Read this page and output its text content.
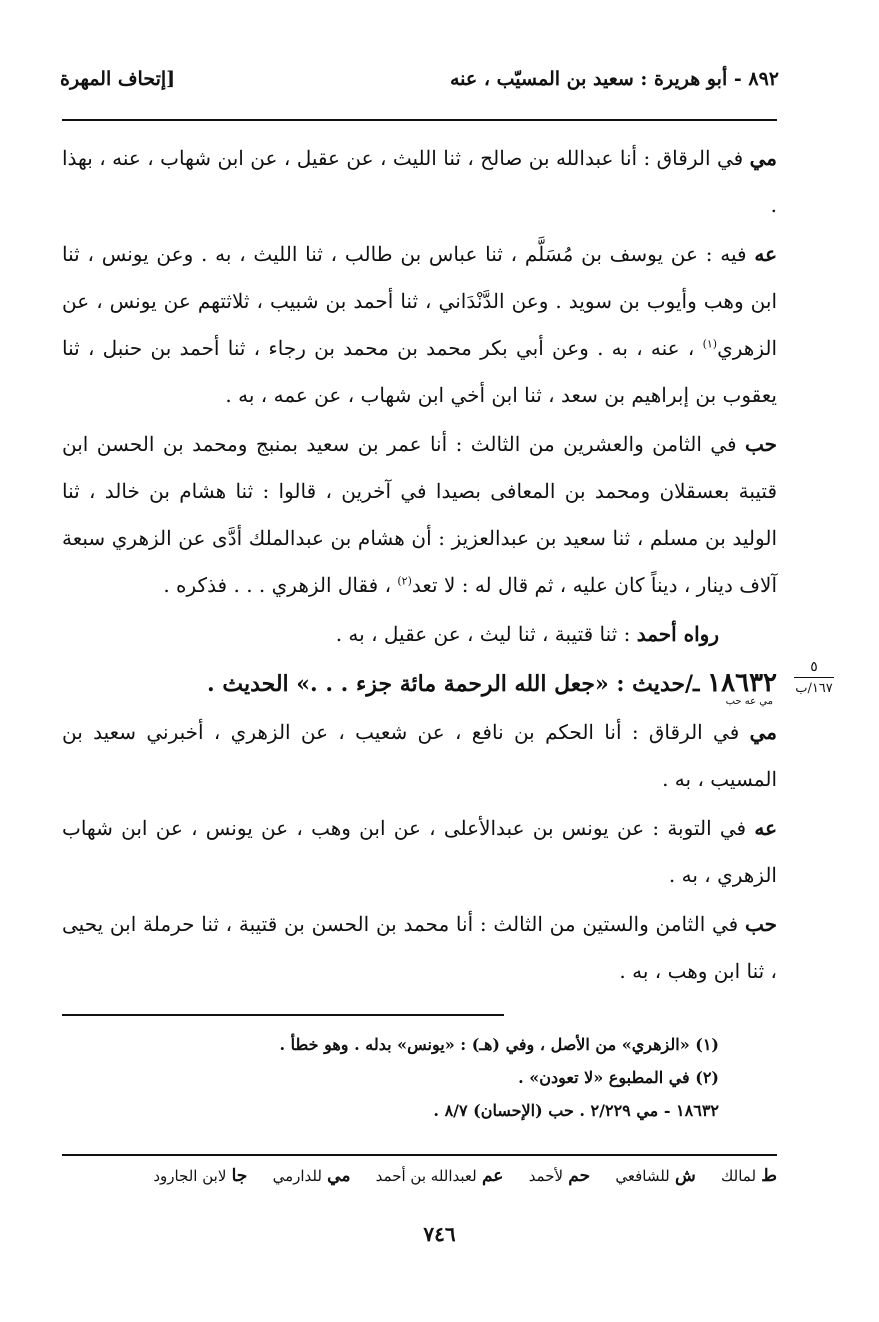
٨٩٢ - أبو هريرة : سعيد بن المسيّب ، عنه
[إتحاف المهرة

مي في الرقاق : أنا عبدالله بن صالح ، ثنا الليث ، عن عقيل ، عن ابن شهاب ، عنه ، بهذا .

عه فيه : عن يوسف بن مُسَلَّم ، ثنا عباس بن طالب ، ثنا الليث ، به . وعن يونس ، ثنا ابن وهب وأيوب بن سويد . وعن الدَّنْدَاني ، ثنا أحمد بن شبيب ، ثلاثتهم عن يونس ، عن الزهري$^{(١)}$ ، عنه ، به . وعن أبي بكر محمد بن محمد بن رجاء ، ثنا أحمد بن حنبل ، ثنا يعقوب بن إبراهيم بن سعد ، ثنا ابن أخي ابن شهاب ، عن عمه ، به .

حب في الثامن والعشرين من الثالث : أنا عمر بن سعيد بمنبج ومحمد بن الحسن ابن قتيبة بعسقلان ومحمد بن المعافى بصيدا في آخرين ، قالوا : ثنا هشام بن خالد ، ثنا الوليد بن مسلم ، ثنا سعيد بن عبدالعزيز : أن هشام بن عبدالملك أدَّى عن الزهري سبعة آلاف دينار ، ديناً كان عليه ، ثم قال له : لا تعد$^{(٢)}$ ، فقال الزهري . . . فذكره .

رواه أحمد : ثنا قتيبة ، ثنا ليث ، عن عقيل ، به .

١٨٦٣٢ ـ/حديث : «جعل الله الرحمة مائة جزء . . .» الحديث .
مي عه حب

مي في الرقاق : أنا الحكم بن نافع ، عن شعيب ، عن الزهري ، أخبرني سعيد بن المسيب ، به .

عه في التوبة : عن يونس بن عبدالأعلى ، عن ابن وهب ، عن يونس ، عن ابن شهاب الزهري ، به .

حب في الثامن والستين من الثالث : أنا محمد بن الحسن بن قتيبة ، ثنا حرملة ابن يحيى ، ثنا ابن وهب ، به .

٥
١٦٧/ب

(١) «الزهري» من الأصل ، وفي (هـ) : «يونس» بدله . وهو خطأ .

(٢) في المطبوع «لا تعودن» .

١٨٦٣٢ - مي ٢/٢٢٩ . حب (الإحسان) ٨/٧ .

ط لمالك ش للشافعي حم لأحمد عم لعبدالله بن أحمد مي للدارمي جا لابن الجارود
٧٤٦
